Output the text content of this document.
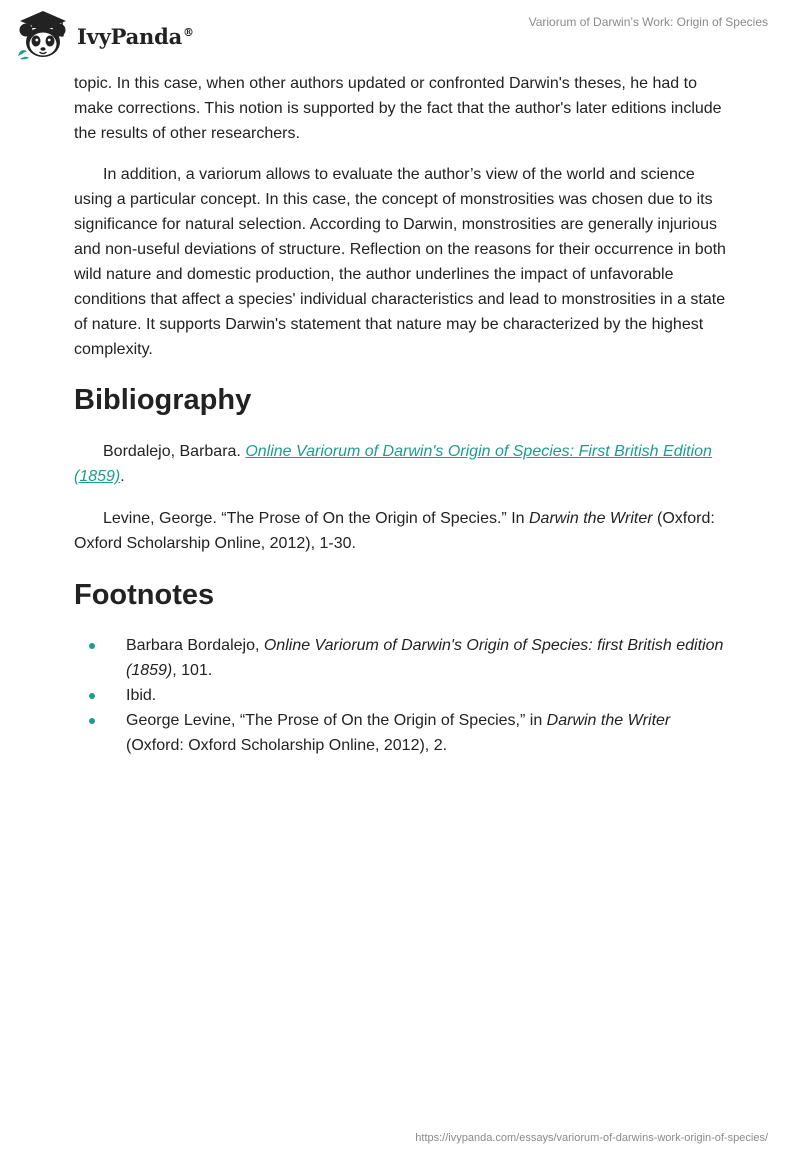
IvyPanda®
Variorum of Darwin’s Work: Origin of Species

topic. In this case, when other authors updated or confronted Darwin's theses, he had to make corrections. This notion is supported by the fact that the author's later editions include the results of other researchers.

In addition, a variorum allows to evaluate the author’s view of the world and science using a particular concept. In this case, the concept of monstrosities was chosen due to its significance for natural selection. According to Darwin, monstrosities are generally injurious and non-useful deviations of structure. Reflection on the reasons for their occurrence in both wild nature and domestic production, the author underlines the impact of unfavorable conditions that affect a species' individual characteristics and lead to monstrosities in a state of nature. It supports Darwin's statement that nature may be characterized by the highest complexity.

Bibliography

Bordalejo, Barbara. Online Variorum of Darwin's Origin of Species: First British Edition (1859).

Levine, George. “The Prose of On the Origin of Species.” In Darwin the Writer (Oxford: Oxford Scholarship Online, 2012), 1-30.

Footnotes
Barbara Bordalejo, Online Variorum of Darwin's Origin of Species: first British edition (1859), 101.
Ibid.
George Levine, “The Prose of On the Origin of Species,” in Darwin the Writer (Oxford: Oxford Scholarship Online, 2012), 2.
https://ivypanda.com/essays/variorum-of-darwins-work-origin-of-species/
